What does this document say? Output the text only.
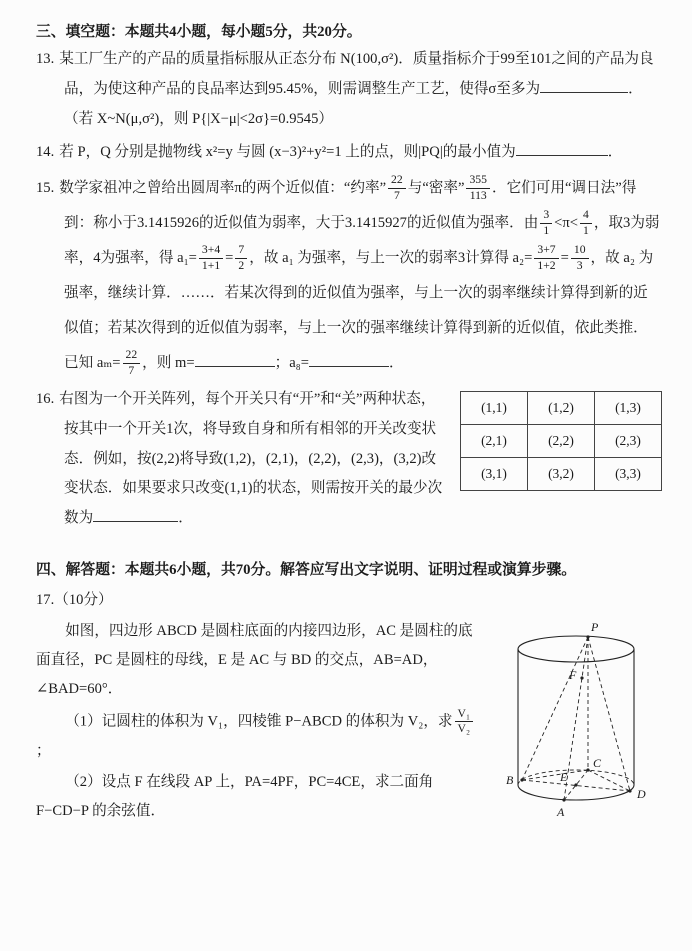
三、填空题：本题共4小题，每小题5分，共20分。
13. 某工厂生产的产品的质量指标服从正态分布 N(100,σ²)．质量指标介于99至101之间的产品为良品，为使这种产品的良品率达到95.45%，则需调整生产工艺，使得σ至多为	．（若 X~N(μ,σ²)，则 P{|X−μ|<2σ}=0.9545）
14. 若 P，Q 分别是抛物线 x²=y 与圆 (x−3)²+y²=1 上的点，则|PQ|的最小值为	．
15. 数学家祖冲之曾给出圆周率π的两个近似值：“约率” $\frac{22}{7}$ 与“密率” $\frac{355}{113}$ ．它们可用“调日法”得到：称小于3.1415926的近似值为弱率，大于3.1415927的近似值为强率．由 $\frac{3}{1} <\pi< \frac{4}{1}$ ，取3为弱率，4为强率，得 $a_1= \frac{3+4}{1+1} = \frac{7}{2}$ ，故 a₁ 为强率，与上一次的弱率3计算得 $a_2= \frac{3+7}{1+2} = \frac{10}{3}$ ，故 a₂ 为强率，继续计算．……．若某次得到的近似值为强率，与上一次的弱率继续计算得到新的近似值；若某次得到的近似值为弱率，与上一次的强率继续计算得到新的近似值，依此类推．已知 $a_m= \frac{22}{7}$ ，则 m=	；a₈=	．
(1,1)	(1,2)	(1,3)
(2,1)	(2,2)	(2,3)
(3,1)	(3,2)	(3,3)
16. 右图为一个开关阵列，每个开关只有“开”和“关”两种状态，按其中一个开关1次，将导致自身和所有相邻的开关改变状态．例如，按(2,2)将导致(1,2)，(2,1)，(2,2)，(2,3)，(3,2)改变状态．如果要求只改变(1,1)的状态，则需按开关的最少次数为	．
四、解答题：本题共6小题，共70分。解答应写出文字说明、证明过程或演算步骤。
17.（10分）
P
F
E
B
C
D
A

如图，四边形 ABCD 是圆柱底面的内接四边形，AC 是圆柱的底面直径，PC 是圆柱的母线，E 是 AC 与 BD 的交点，AB=AD，∠BAD=60°．

（1）记圆柱的体积为 V₁，四棱锥 P−ABCD 的体积为 V₂，求 $\frac{\text{V₁}}{\text{V₂}}$
；

（2）设点 F 在线段 AP 上，PA=4PF，PC=4CE，求二面角 F−CD−P 的余弦值．
